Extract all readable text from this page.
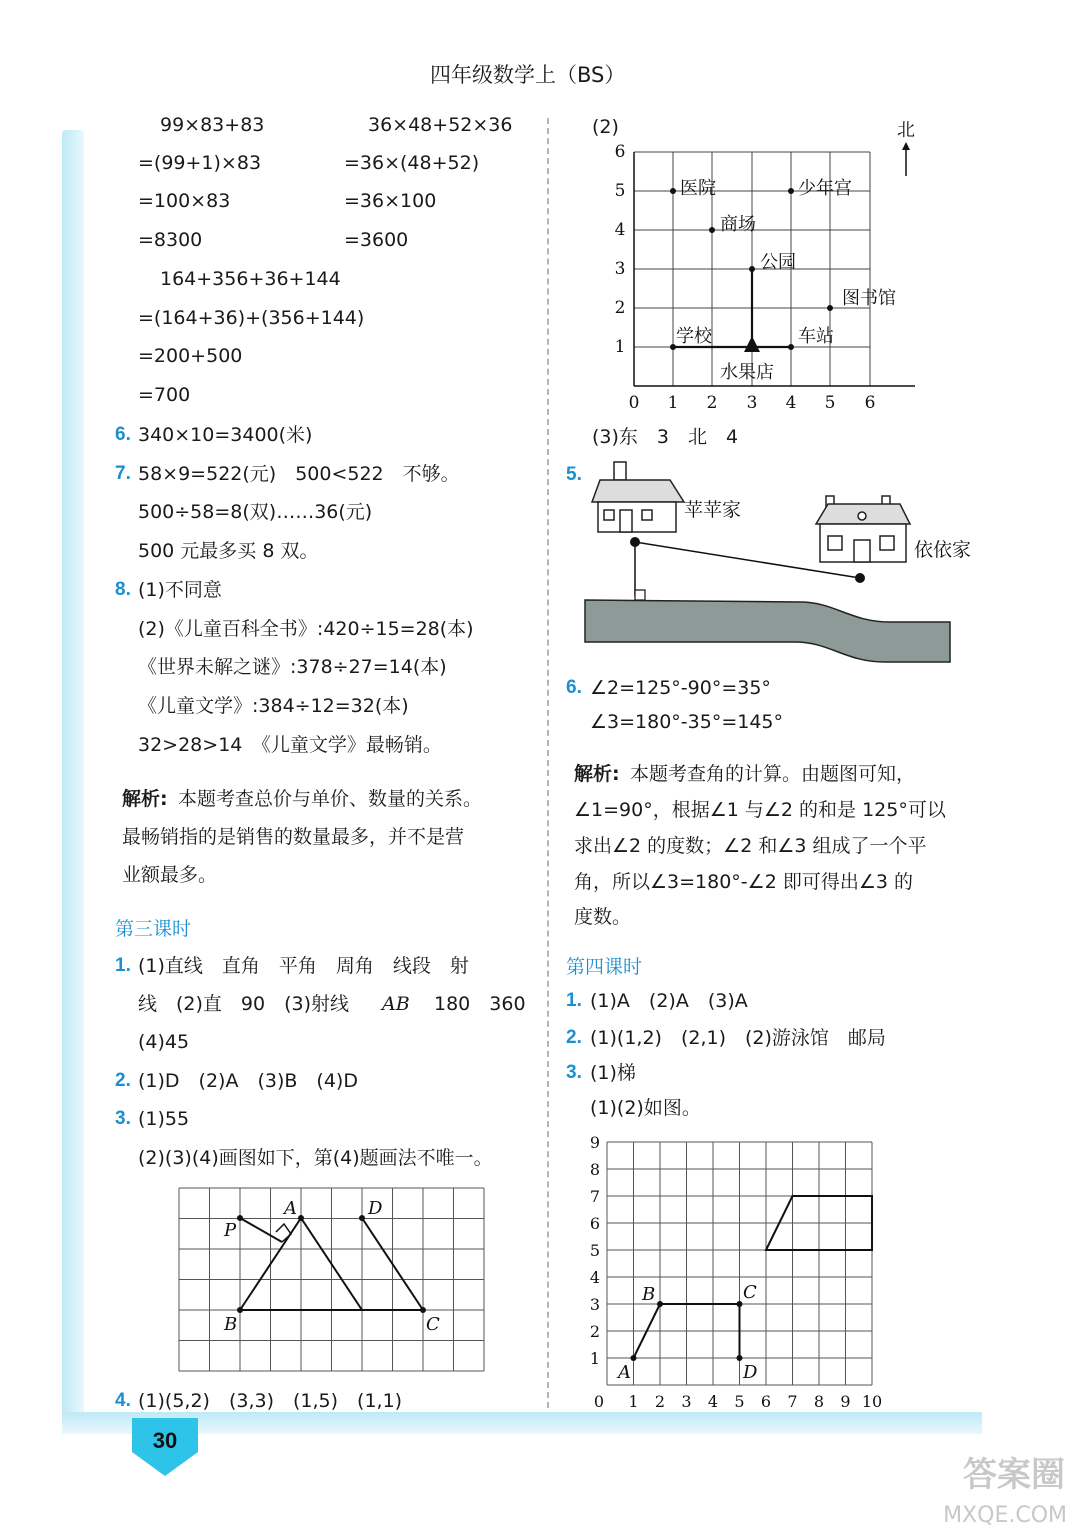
30
四年级数学上（BS）
99×83+83
=(99+1)×83
=100×83
=8300
36×48+52×36
=36×(48+52)
=36×100
=3600
164+356+36+144
=(164+36)+(356+144)
=200+500
=700
6. 340×10=3400(米)
7. 58×9=522(元)　500<522　不够。
500÷58=8(双)……36(元)
500 元最多买 8 双。
8. (1)不同意
(2)《儿童百科全书》:420÷15=28(本)
《世界未解之谜》:378÷27=14(本)
《儿童文学》:384÷12=32(本)
32>28>14　《儿童文学》最畅销。
解析: 本题考查总价与单价、数量的关系。
最畅销指的是销售的数量最多，并不是营
业额最多。
第三课时
1. (1)直线　直角　平角　周角　线段　射
线　(2)直　90　(3)射线 AB 180　360
(4)45
2. (1)D　(2)A　(3)B　(4)D
3. (1)55
(2)(3)(4)画图如下，第(4)题画法不唯一。
P
A	D
B	C
4. (1)(5,2)　(3,3)　(1,5)　(1,1)
(2)
6
5
4
3
2
1
0 1 2 3 4 5 6
北
医院	少年宫
商场
公园
图书馆
学校	车站
水果店
(3)东　3　北　4
5.
苹苹家
依依家
6. ∠2=125°-90°=35°
∠3=180°-35°=145°
解析: 本题考查角的计算。由题图可知，
∠1=90°，根据∠1 与∠2 的和是 125°可以
求出∠2 的度数；∠2 和∠3 组成了一个平
角，所以∠3=180°-∠2 即可得出∠3 的
度数。
第四课时
1. (1)A　(2)A　(3)A
2. (1)(1,2)　(2,1)　(2)游泳馆　邮局
3. (1)梯
(1)(2)如图。
1
2
3
4
5
6
7
8
9
0 1 2 3 4 5 6 7 8 9 10
A
B	C
D
答案圈
MXQE.COM
